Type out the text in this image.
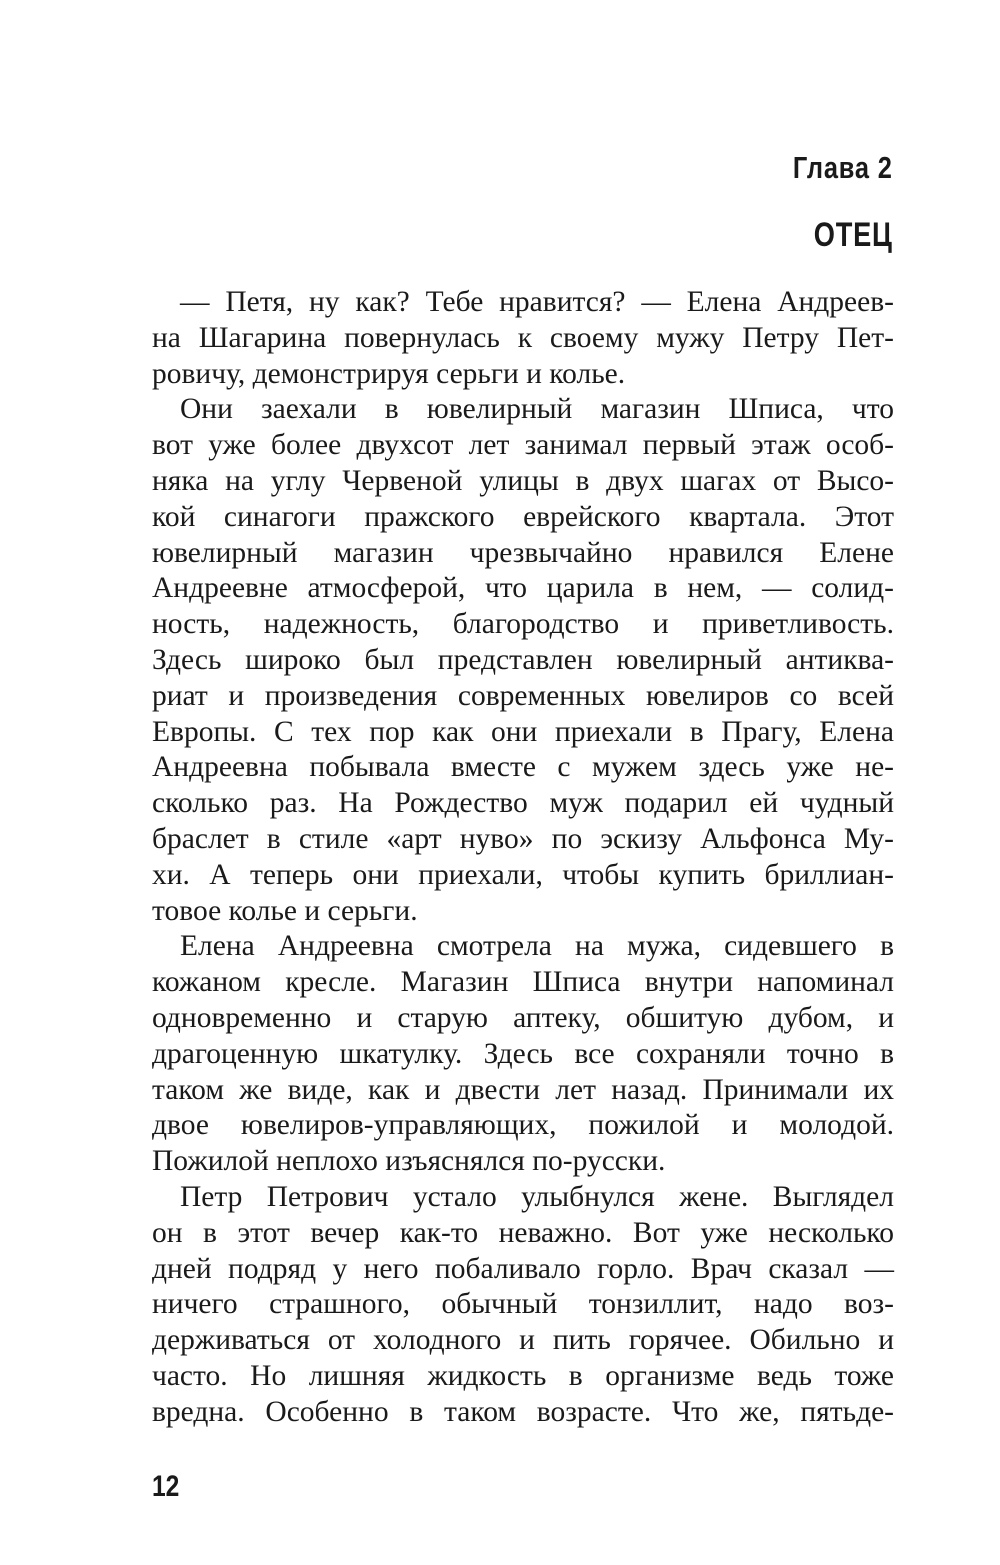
Глава 2
ОТЕЦ

— Петя, ну как? Тебе нравится? — Елена Андреев-
на Шагарина повернулась к своему мужу Петру Пет-
ровичу, демонстрируя серьги и колье.

Они заехали в ювелирный магазин Шписа, что
вот уже более двухсот лет занимал первый этаж особ-
няка на углу Червеной улицы в двух шагах от Высо-
кой синагоги пражского еврейского квартала. Этот
ювелирный магазин чрезвычайно нравился Елене
Андреевне атмосферой, что царила в нем, — солид-
ность, надежность, благородство и приветливость.
Здесь широко был представлен ювелирный антиква-
риат и произведения современных ювелиров со всей
Европы. С тех пор как они приехали в Прагу, Елена
Андреевна побывала вместе с мужем здесь уже не-
сколько раз. На Рождество муж подарил ей чудный
браслет в стиле «арт нуво» по эскизу Альфонса Му-
хи. А теперь они приехали, чтобы купить бриллиан-
товое колье и серьги.

Елена Андреевна смотрела на мужа, сидевшего в
кожаном кресле. Магазин Шписа внутри напоминал
одновременно и старую аптеку, обшитую дубом, и
драгоценную шкатулку. Здесь все сохраняли точно в
таком же виде, как и двести лет назад. Принимали их
двое ювелиров-управляющих, пожилой и молодой.
Пожилой неплохо изъяснялся по-русски.

Петр Петрович устало улыбнулся жене. Выглядел
он в этот вечер как-то неважно. Вот уже несколько
дней подряд у него побаливало горло. Врач сказал —
ничего страшного, обычный тонзиллит, надо воз-
держиваться от холодного и пить горячее. Обильно и
часто. Но лишняя жидкость в организме ведь тоже
вредна. Особенно в таком возрасте. Что же, пятьде-

12
